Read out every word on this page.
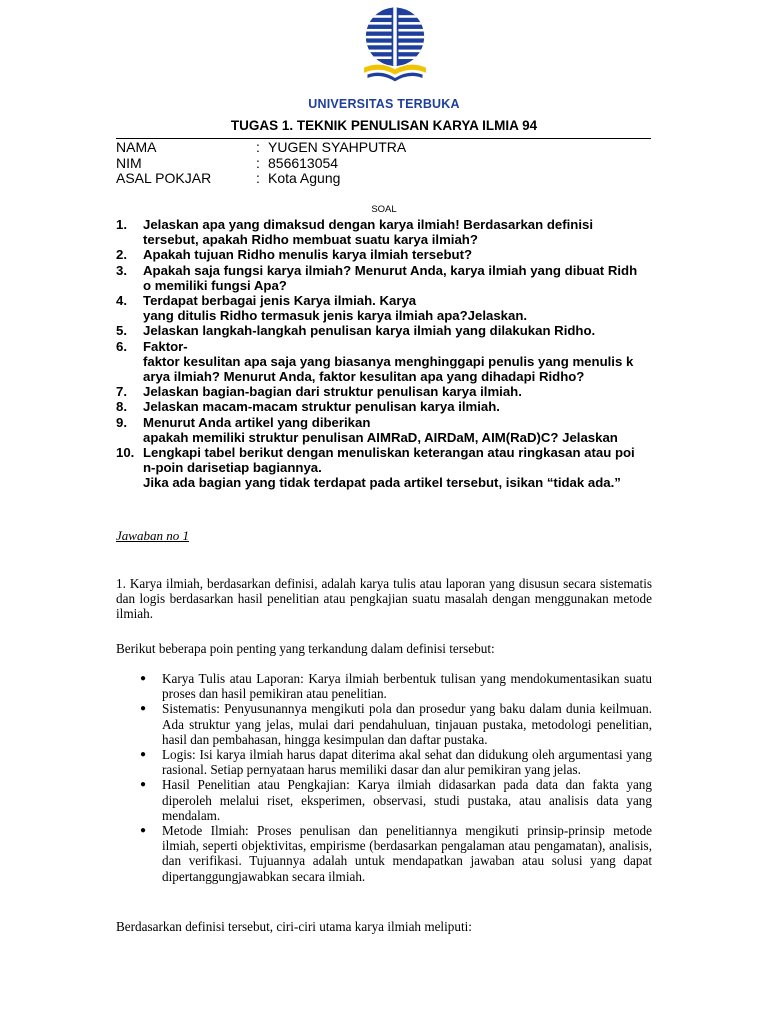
UNIVERSITAS TERBUKA
TUGAS 1. TEKNIK PENULISAN KARYA ILMIA 94
NAMA	: YUGEN SYAHPUTRA
NIM	: 856613054
ASAL POKJAR	: Kota Agung
SOAL
1.	Jelaskan apa yang dimaksud dengan karya ilmiah! Berdasarkan definisi
tersebut, apakah Ridho membuat suatu karya ilmiah?
2.	Apakah tujuan Ridho menulis karya ilmiah tersebut?
3.	Apakah saja fungsi karya ilmiah? Menurut Anda, karya ilmiah yang dibuat Ridh
o memiliki fungsi Apa?
4.	Terdapat berbagai jenis Karya ilmiah. Karya
yang ditulis Ridho termasuk jenis karya ilmiah apa?Jelaskan.
5.	Jelaskan langkah-langkah penulisan karya ilmiah yang dilakukan Ridho.
6.	Faktor-
faktor kesulitan apa saja yang biasanya menghinggapi penulis yang menulis k
arya ilmiah? Menurut Anda, faktor kesulitan apa yang dihadapi Ridho?
7.	Jelaskan bagian-bagian dari struktur penulisan karya ilmiah.
8.	Jelaskan macam-macam struktur penulisan karya ilmiah.
9.	Menurut Anda artikel yang diberikan
apakah memiliki struktur penulisan AIMRaD, AIRDaM, AIM(RaD)C? Jelaskan
10. Lengkapi tabel berikut dengan menuliskan keterangan atau ringkasan atau poi
n-poin darisetiap bagiannya.
Jika ada bagian yang tidak terdapat pada artikel tersebut, isikan “tidak ada.”
Jawaban no 1
1. Karya ilmiah, berdasarkan definisi, adalah karya tulis atau laporan yang disusun secara sistematis dan logis berdasarkan hasil penelitian atau pengkajian suatu masalah dengan menggunakan metode ilmiah.
Berikut beberapa poin penting yang terkandung dalam definisi tersebut:
●	Karya Tulis atau Laporan: Karya ilmiah berbentuk tulisan yang mendokumentasikan suatu proses dan hasil pemikiran atau penelitian.
●	Sistematis: Penyusunannya mengikuti pola dan prosedur yang baku dalam dunia keilmuan. Ada struktur yang jelas, mulai dari pendahuluan, tinjauan pustaka, metodologi penelitian, hasil dan pembahasan, hingga kesimpulan dan daftar pustaka.
●	Logis: Isi karya ilmiah harus dapat diterima akal sehat dan didukung oleh argumentasi yang rasional. Setiap pernyataan harus memiliki dasar dan alur pemikiran yang jelas.
●	Hasil Penelitian atau Pengkajian: Karya ilmiah didasarkan pada data dan fakta yang diperoleh melalui riset, eksperimen, observasi, studi pustaka, atau analisis data yang mendalam.
●	Metode Ilmiah: Proses penulisan dan penelitiannya mengikuti prinsip-prinsip metode ilmiah, seperti objektivitas, empirisme (berdasarkan pengalaman atau pengamatan), analisis, dan verifikasi. Tujuannya adalah untuk mendapatkan jawaban atau solusi yang dapat dipertanggungjawabkan secara ilmiah.
Berdasarkan definisi tersebut, ciri-ciri utama karya ilmiah meliputi:
